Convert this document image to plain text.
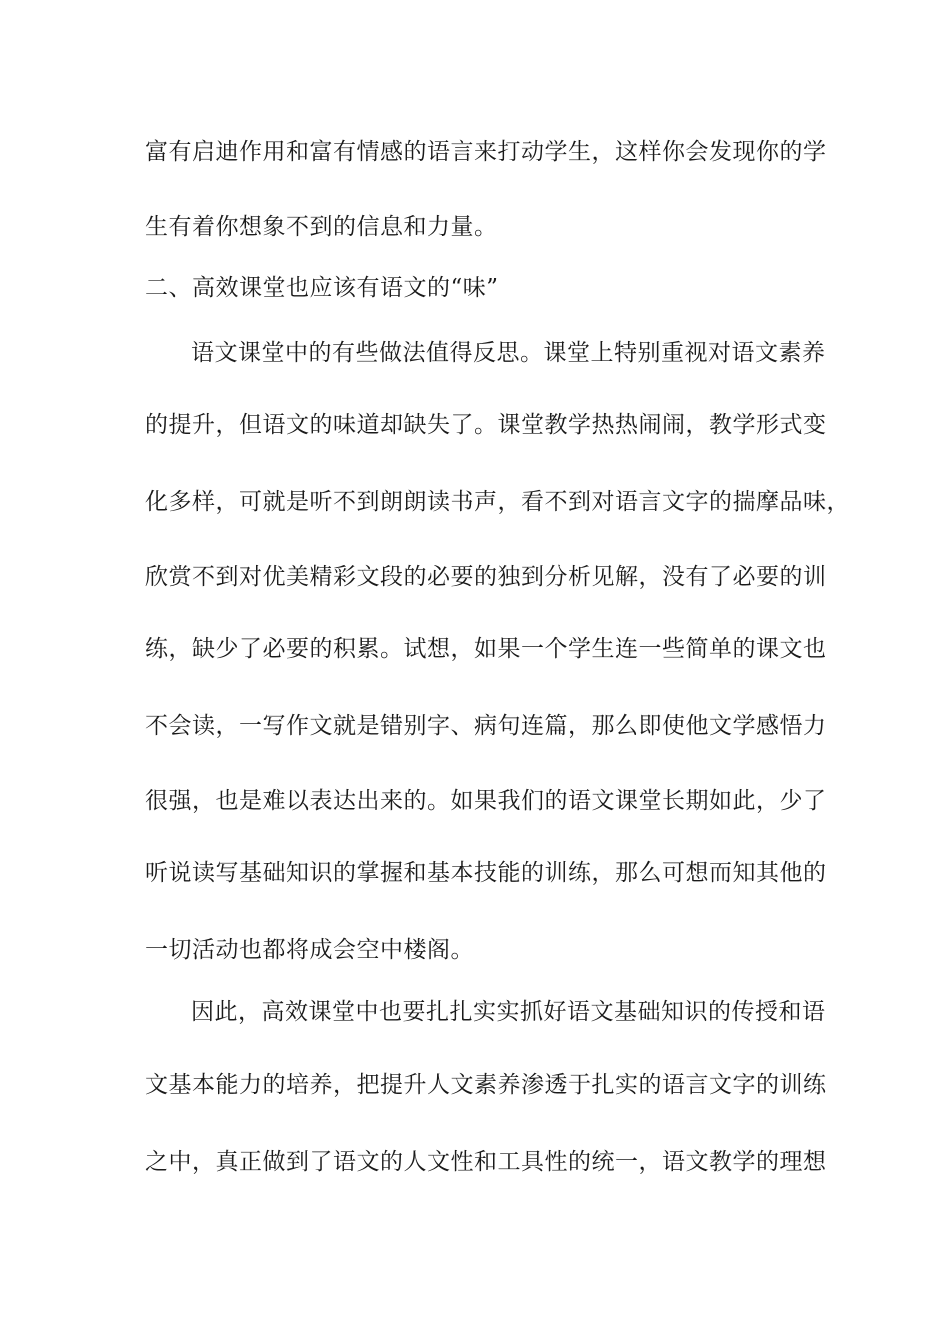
富有启迪作用和富有情感的语言来打动学生，这样你会发现你的学
生有着你想象不到的信息和力量。
二、高效课堂也应该有语文的“味”
语文课堂中的有些做法值得反思。课堂上特别重视对语文素养
的提升，但语文的味道却缺失了。课堂教学热热闹闹，教学形式变
化多样，可就是听不到朗朗读书声，看不到对语言文字的揣摩品味，
欣赏不到对优美精彩文段的必要的独到分析见解，没有了必要的训
练，缺少了必要的积累。试想，如果一个学生连一些简单的课文也
不会读，一写作文就是错别字、病句连篇，那么即使他文学感悟力
很强，也是难以表达出来的。如果我们的语文课堂长期如此，少了
听说读写基础知识的掌握和基本技能的训练，那么可想而知其他的
一切活动也都将成会空中楼阁。
因此，高效课堂中也要扎扎实实抓好语文基础知识的传授和语
文基本能力的培养，把提升人文素养渗透于扎实的语言文字的训练
之中，真正做到了语文的人文性和工具性的统一，语文教学的理想
